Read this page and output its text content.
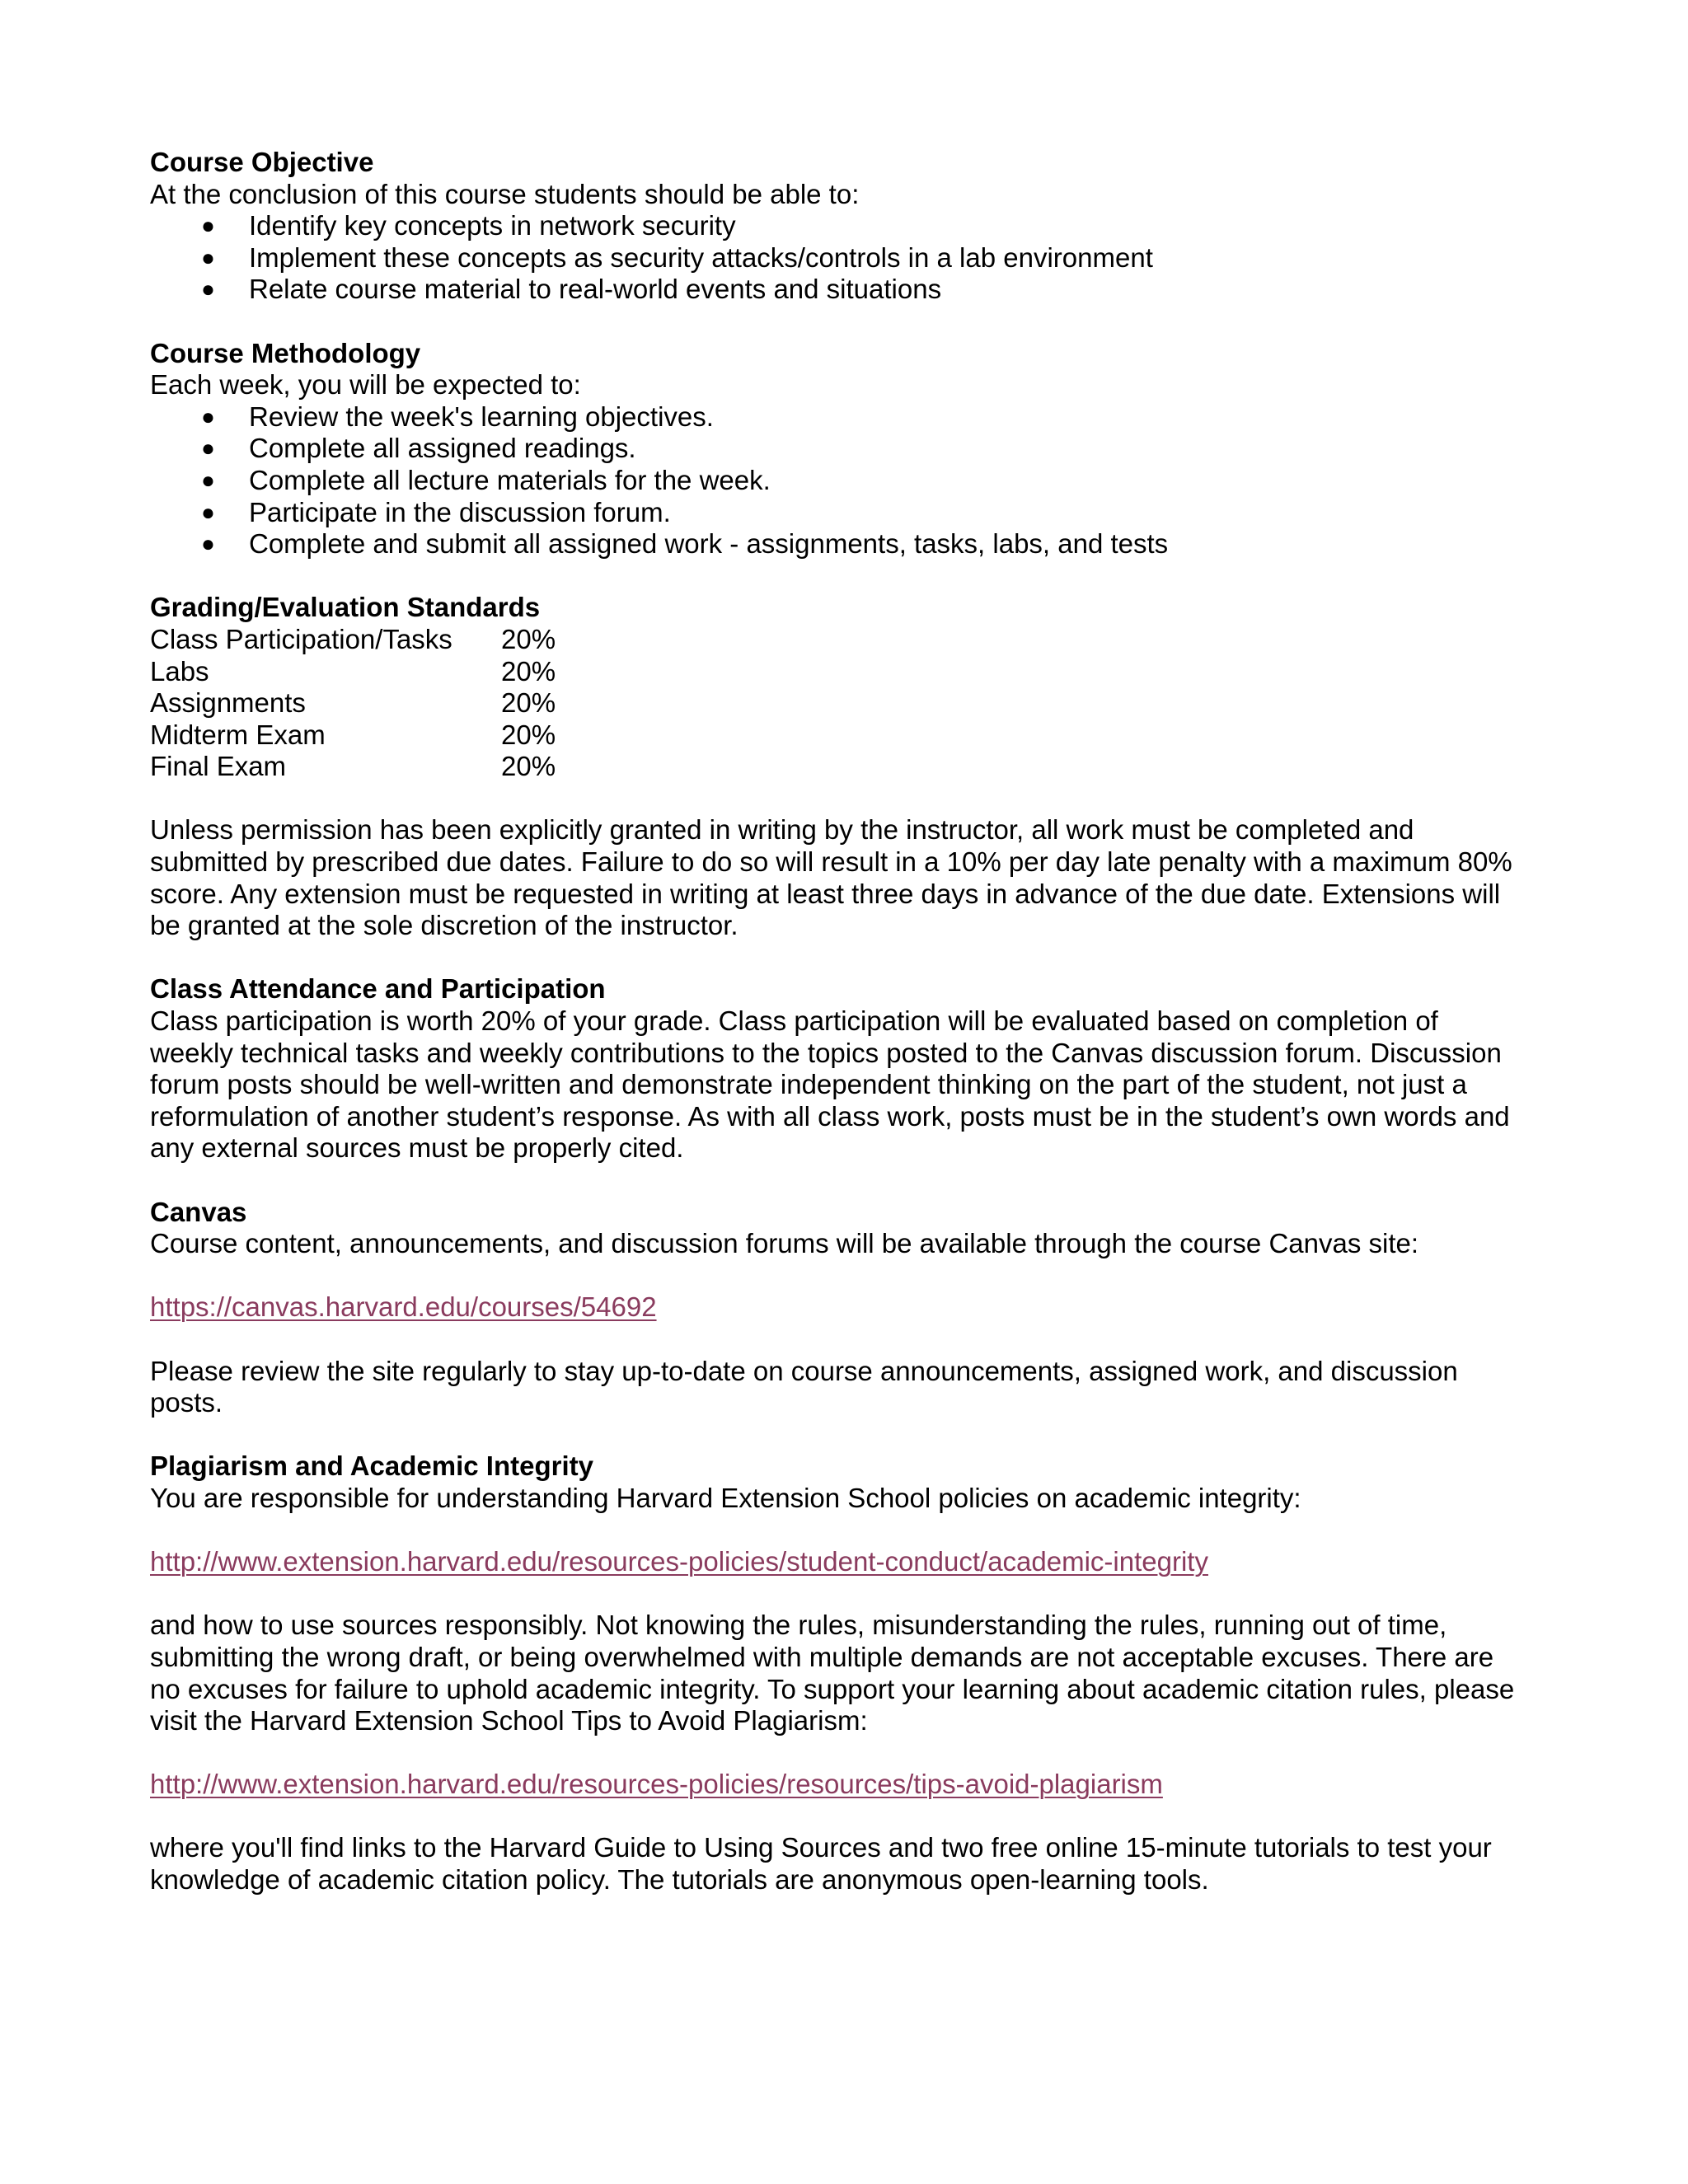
Course Objective
At the conclusion of this course students should be able to:
● Identify key concepts in network security
● Implement these concepts as security attacks/controls in a lab environment
● Relate course material to real-world events and situations
Course Methodology
Each week, you will be expected to:
● Review the week's learning objectives.
● Complete all assigned readings.
● Complete all lecture materials for the week.
● Participate in the discussion forum.
● Complete and submit all assigned work - assignments, tasks, labs, and tests
Grading/Evaluation Standards
Class Participation/Tasks	20%
Labs	20%
Assignments	20%
Midterm Exam	20%
Final Exam	20%
Unless permission has been explicitly granted in writing by the instructor, all work must be completed and
submitted by prescribed due dates. Failure to do so will result in a 10% per day late penalty with a maximum 80%
score. Any extension must be requested in writing at least three days in advance of the due date. Extensions will
be granted at the sole discretion of the instructor.
Class Attendance and Participation
Class participation is worth 20% of your grade. Class participation will be evaluated based on completion of
weekly technical tasks and weekly contributions to the topics posted to the Canvas discussion forum. Discussion
forum posts should be well-written and demonstrate independent thinking on the part of the student, not just a
reformulation of another student’s response. As with all class work, posts must be in the student’s own words and
any external sources must be properly cited.
Canvas
Course content, announcements, and discussion forums will be available through the course Canvas site:
https://canvas.harvard.edu/courses/54692
Please review the site regularly to stay up-to-date on course announcements, assigned work, and discussion
posts.
Plagiarism and Academic Integrity
You are responsible for understanding Harvard Extension School policies on academic integrity:
http://www.extension.harvard.edu/resources-policies/student-conduct/academic-integrity
and how to use sources responsibly. Not knowing the rules, misunderstanding the rules, running out of time,
submitting the wrong draft, or being overwhelmed with multiple demands are not acceptable excuses. There are
no excuses for failure to uphold academic integrity. To support your learning about academic citation rules, please
visit the Harvard Extension School Tips to Avoid Plagiarism:
http://www.extension.harvard.edu/resources-policies/resources/tips-avoid-plagiarism
where you'll find links to the Harvard Guide to Using Sources and two free online 15-minute tutorials to test your
knowledge of academic citation policy. The tutorials are anonymous open-learning tools.
